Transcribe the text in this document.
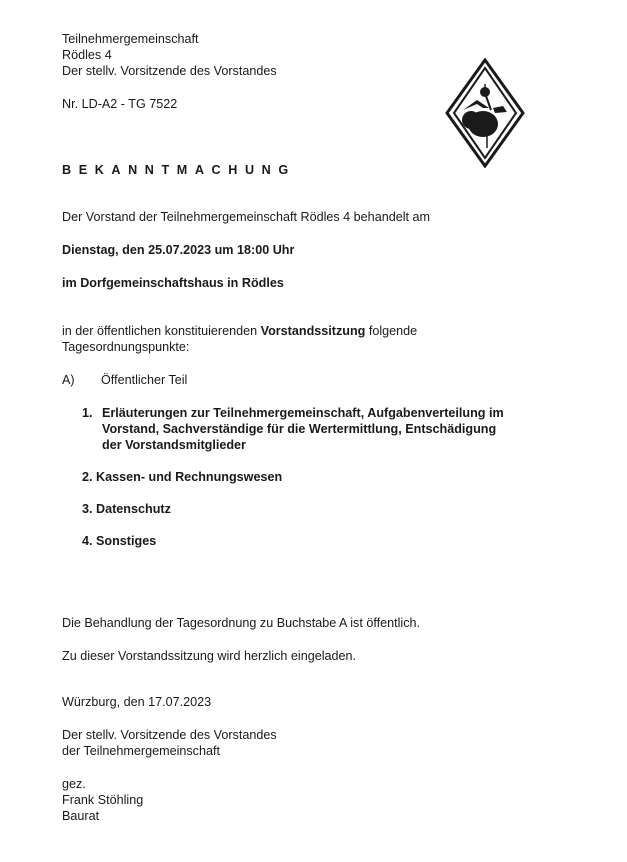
Teilnehmergemeinschaft
Rödles 4
Der stellv. Vorsitzende des Vorstandes
Nr. LD-A2 - TG 7522
BEKANNTMACHUNG
Der Vorstand der Teilnehmergemeinschaft Rödles 4 behandelt am
Dienstag, den 25.07.2023 um 18:00 Uhr
im Dorfgemeinschaftshaus in Rödles
in der öffentlichen konstituierenden Vorstandssitzung folgende
Tagesordnungspunkte:
A) Öffentlicher Teil
1. Erläuterungen zur Teilnehmergemeinschaft, Aufgabenverteilung im
Vorstand, Sachverständige für die Wertermittlung, Entschädigung
der Vorstandsmitglieder
2. Kassen- und Rechnungswesen
3. Datenschutz
4. Sonstiges
Die Behandlung der Tagesordnung zu Buchstabe A ist öffentlich.
Zu dieser Vorstandssitzung wird herzlich eingeladen.
Würzburg, den 17.07.2023
Der stellv. Vorsitzende des Vorstandes
der Teilnehmergemeinschaft
gez.
Frank Stöhling
Baurat
